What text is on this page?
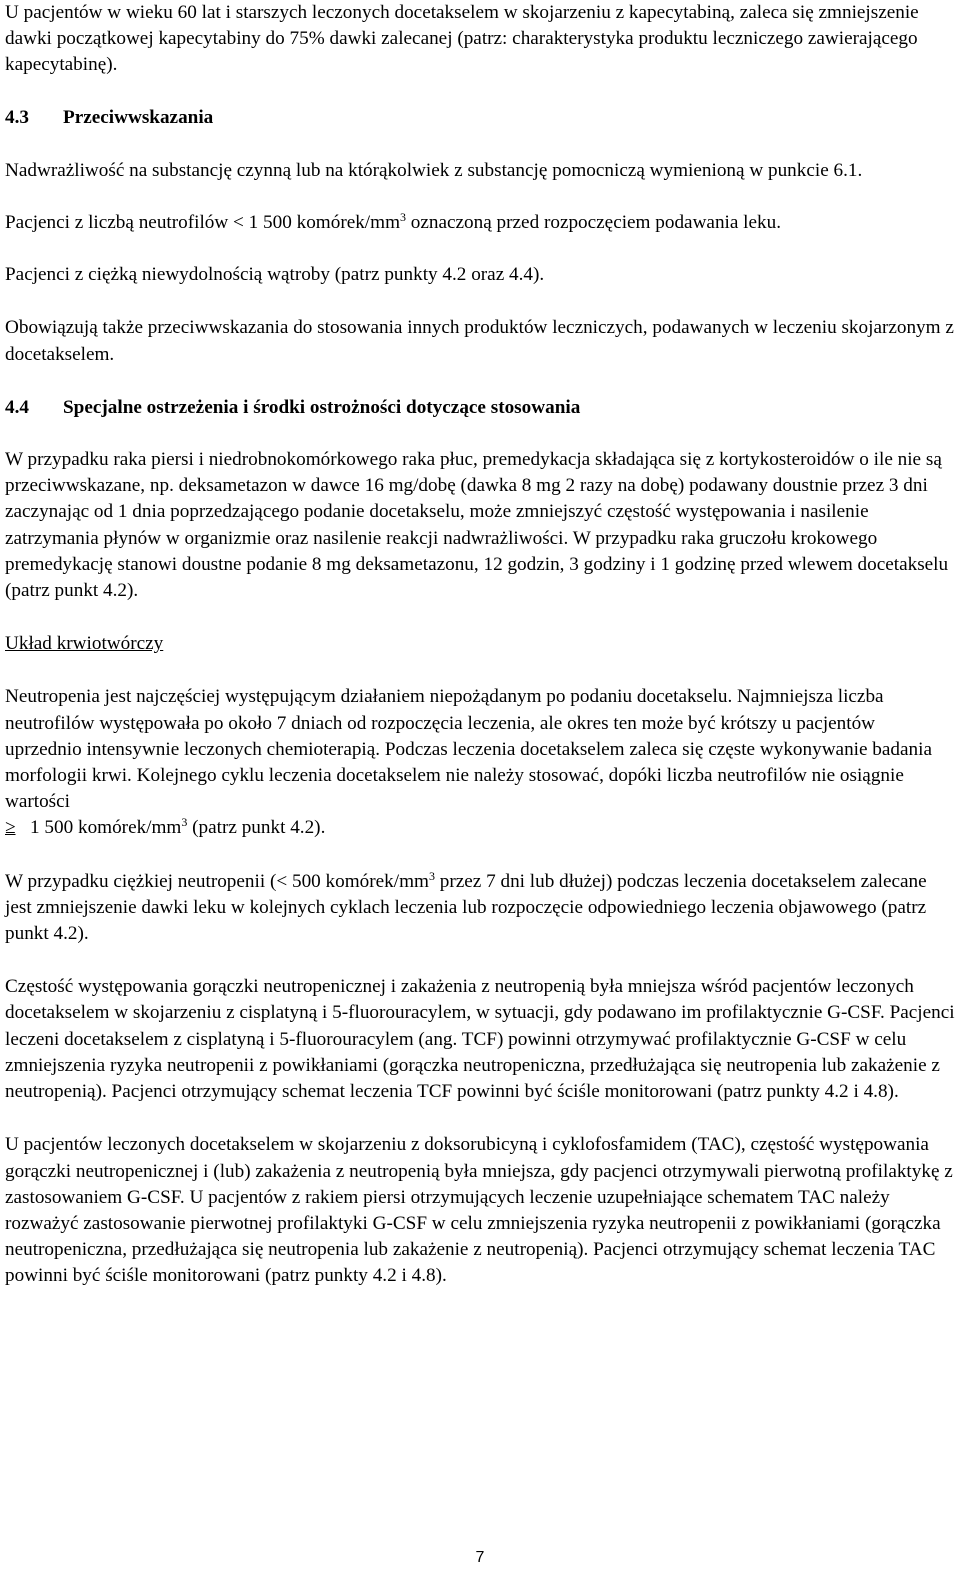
U pacjentów w wieku 60 lat i starszych leczonych docetakselem w skojarzeniu z kapecytabiną, zaleca się zmniejszenie dawki początkowej kapecytabiny do 75% dawki zalecanej (patrz: charakterystyka produktu leczniczego zawierającego kapecytabinę).

4.3	Przeciwwskazania

Nadwrażliwość na substancję czynną lub na którąkolwiek z substancję pomocniczą wymienioną w punkcie 6.1.

Pacjenci z liczbą neutrofilów < 1 500 komórek/$mm^3$ oznaczoną przed rozpoczęciem podawania leku.

Pacjenci z ciężką niewydolnością wątroby (patrz punkty 4.2 oraz 4.4).

Obowiązują także przeciwwskazania do stosowania innych produktów leczniczych, podawanych w leczeniu skojarzonym z docetakselem.

4.4	Specjalne ostrzeżenia i środki ostrożności dotyczące stosowania

W przypadku raka piersi i niedrobnokomórkowego raka płuc, premedykacja składająca się z kortykosteroidów o ile nie są przeciwwskazane, np. deksametazon w dawce 16 mg/dobę (dawka 8 mg 2 razy na dobę) podawany doustnie przez 3 dni zaczynając od 1 dnia poprzedzającego podanie docetakselu, może zmniejszyć częstość występowania i nasilenie zatrzymania płynów w organizmie oraz nasilenie reakcji nadwrażliwości. W przypadku raka gruczołu krokowego premedykację stanowi doustne podanie 8 mg deksametazonu, 12 godzin, 3 godziny i 1 godzinę przed wlewem docetakselu (patrz punkt 4.2).

Układ krwiotwórczy

Neutropenia jest najczęściej występującym działaniem niepożądanym po podaniu docetakselu. Najmniejsza liczba neutrofilów występowała po około 7 dniach od rozpoczęcia leczenia, ale okres ten może być krótszy u pacjentów uprzednio intensywnie leczonych chemioterapią. Podczas leczenia docetakselem zaleca się częste wykonywanie badania morfologii krwi. Kolejnego cyklu leczenia docetakselem nie należy stosować, dopóki liczba neutrofilów nie osiągnie wartości
≥ 1 500 komórek/$mm^3$ (patrz punkt 4.2).

W przypadku ciężkiej neutropenii (< 500 komórek/$mm^3$ przez 7 dni lub dłużej) podczas leczenia docetakselem zalecane jest zmniejszenie dawki leku w kolejnych cyklach leczenia lub rozpoczęcie odpowiedniego leczenia objawowego (patrz punkt 4.2).

Częstość występowania gorączki neutropenicznej i zakażenia z neutropenią była mniejsza wśród pacjentów leczonych docetakselem w skojarzeniu z cisplatyną i 5-fluorouracylem, w sytuacji, gdy podawano im profilaktycznie G-CSF. Pacjenci leczeni docetakselem z cisplatyną i 5-fluorouracylem (ang. TCF) powinni otrzymywać profilaktycznie G-CSF w celu zmniejszenia ryzyka neutropenii z powikłaniami (gorączka neutropeniczna, przedłużająca się neutropenia lub zakażenie z neutropenią). Pacjenci otrzymujący schemat leczenia TCF powinni być ściśle monitorowani (patrz punkty 4.2 i 4.8).

U pacjentów leczonych docetakselem w skojarzeniu z doksorubicyną i cyklofosfamidem (TAC), częstość występowania gorączki neutropenicznej i (lub) zakażenia z neutropenią była mniejsza, gdy pacjenci otrzymywali pierwotną profilaktykę z zastosowaniem G-CSF. U pacjentów z rakiem piersi otrzymujących leczenie uzupełniające schematem TAC należy rozważyć zastosowanie pierwotnej profilaktyki G-CSF w celu zmniejszenia ryzyka neutropenii z powikłaniami (gorączka neutropeniczna, przedłużająca się neutropenia lub zakażenie z neutropenią). Pacjenci otrzymujący schemat leczenia TAC powinni być ściśle monitorowani (patrz punkty 4.2 i 4.8).

7
